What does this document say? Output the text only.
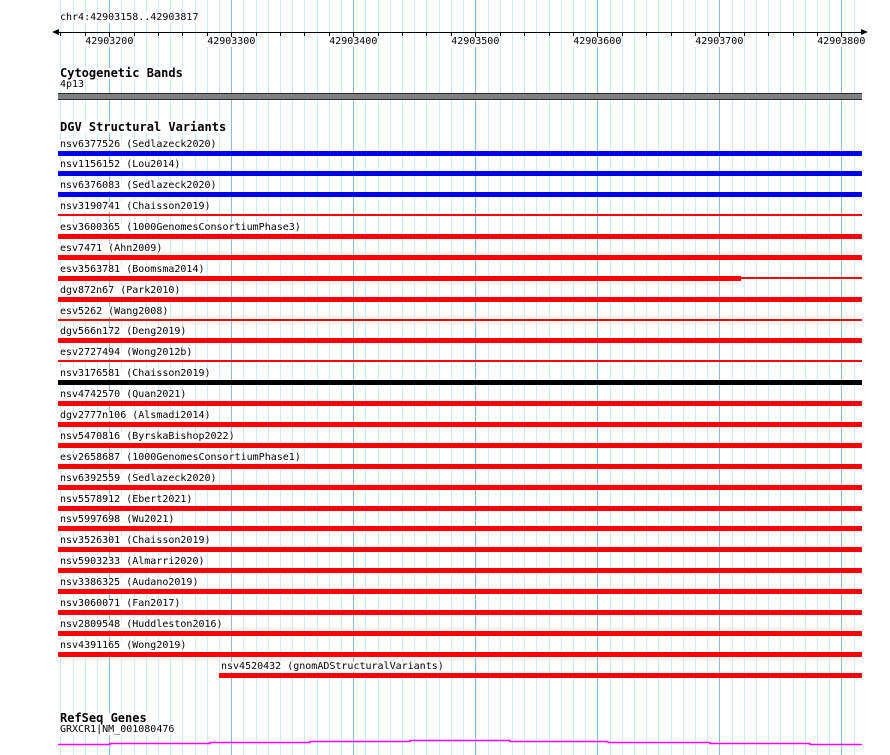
chr4:42903158..42903817
42903200	42903300	42903400	42903500	42903600	42903700	42903800
Cytogenetic Bands
4p13
DGV Structural Variants
nsv6377526 (Sedlazeck2020)
nsv1156152 (Lou2014)
nsv6376083 (Sedlazeck2020)
nsv3190741 (Chaisson2019)
esv3600365 (1000GenomesConsortiumPhase3)
esv7471 (Ahn2009)
esv3563781 (Boomsma2014)
dgv872n67 (Park2010)
esv5262 (Wang2008)
dgv566n172 (Deng2019)
esv2727494 (Wong2012b)
nsv3176581 (Chaisson2019)
nsv4742570 (Quan2021)
dgv2777n106 (Alsmadi2014)
nsv5470816 (ByrskaBishop2022)
esv2658687 (1000GenomesConsortiumPhase1)
nsv6392559 (Sedlazeck2020)
nsv5578912 (Ebert2021)
nsv5997698 (Wu2021)
nsv3526301 (Chaisson2019)
nsv5903233 (Almarri2020)
nsv3386325 (Audano2019)
nsv3060071 (Fan2017)
nsv2809548 (Huddleston2016)
nsv4391165 (Wong2019)
nsv4520432 (gnomADStructuralVariants)
RefSeq Genes
GRXCR1|NM_001080476
